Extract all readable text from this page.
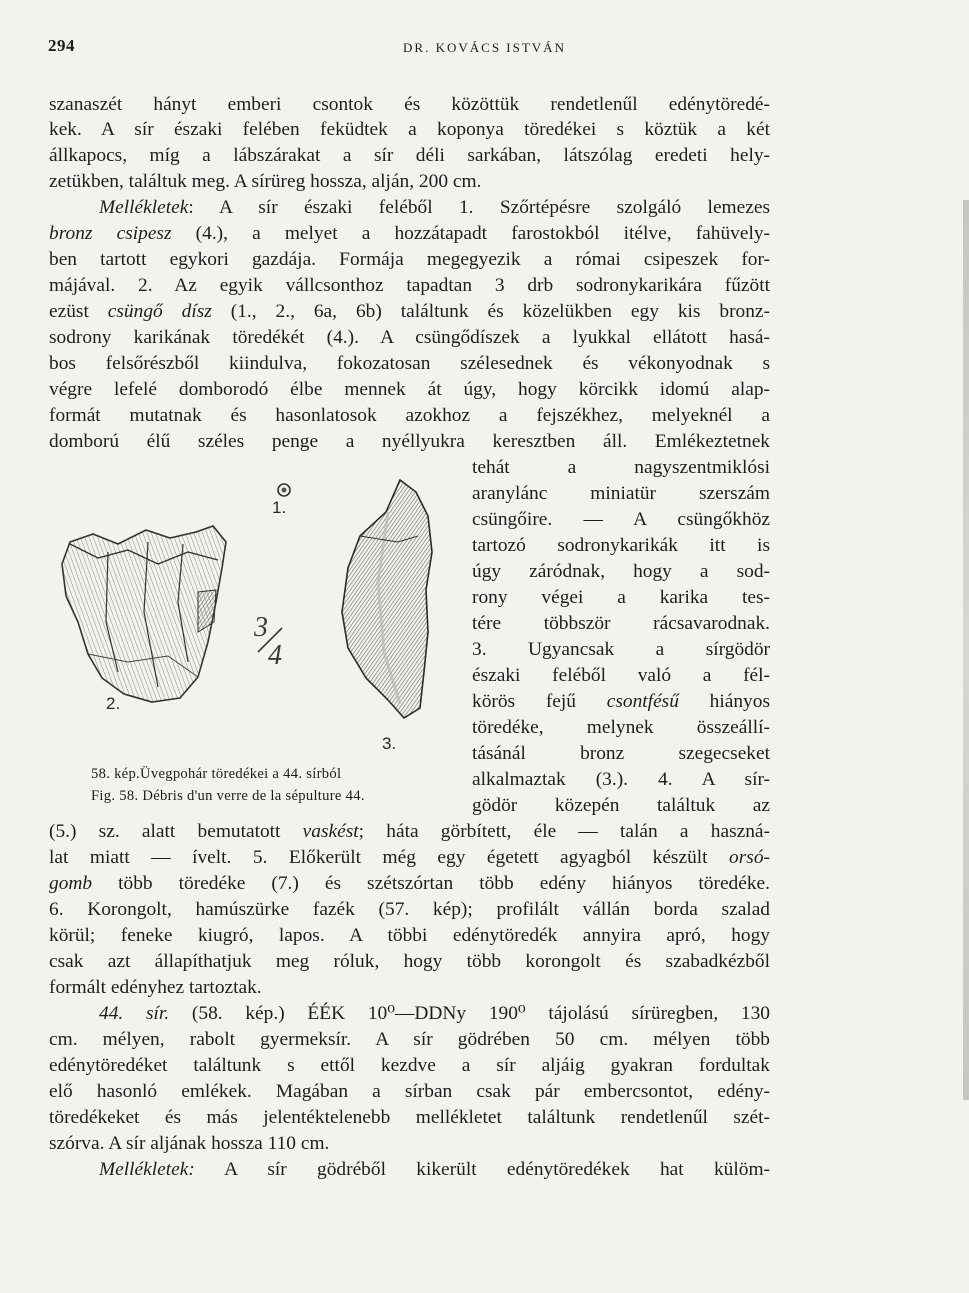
294	DR. KOVÁCS ISTVÁN
szanaszét hányt emberi csontok és közöttük rendetlenűl edénytöredé-
kek. A sír északi felében feküdtek a koponya töredékei s köztük a két
állkapocs, míg a lábszárakat a sír déli sarkában, látszólag eredeti hely-
zetükben, találtuk meg. A sírüreg hossza, alján, 200 cm.
Mellékletek: A sír északi feléből 1. Szőrtépésre szolgáló lemezes
bronz csipesz (4.), a melyet a hozzátapadt farostokból itélve, fahüvely-
ben tartott egykori gazdája. Formája megegyezik a római csipeszek for-
májával. 2. Az egyik vállcsonthoz tapadtan 3 drb sodronykarikára fűzött
ezüst csüngő dísz (1., 2., 6a, 6b) találtunk és közelükben egy kis bronz-
sodrony karikának töredékét (4.). A csüngődíszek a lyukkal ellátott hasá-
bos felsőrészből kiindulva, fokozatosan szélesednek és vékonyodnak s
végre lefelé domborodó élbe mennek át úgy, hogy körcikk idomú alap-
formát mutatnak és hasonlatosok azokhoz a fejszékhez, melyeknél a
domború élű széles penge a nyéllyukra keresztben áll. Emlékeztetnek
tehát a nagyszentmiklósi
aranylánc miniatür szerszám
csüngőire. — A csüngőkhöz
tartozó sodronykarikák itt is
úgy záródnak, hogy a sod-
rony végei a karika tes-
tére többször rácsavarodnak.
3. Ugyancsak a sírgödör
északi feléből való a fél-
körös fejű csontfésű hiányos
töredéke, melynek összeállí-
tásánál bronz szegecseket
alkalmaztak (3.). 4. A sír-
gödör közepén találtuk az
1.
2.
3.
3
4
58. kép.Üvegpohár töredékei a 44. sírból
Fig. 58. Débris d'un verre de la sépulture 44.
(5.) sz. alatt bemutatott vaskést; háta görbített, éle — talán a haszná-
lat miatt — ívelt. 5. Előkerült még egy égetett agyagból készült orsó-
gomb több töredéke (7.) és szétszórtan több edény hiányos töredéke.
6. Korongolt, hamúszürke fazék (57. kép); profilált vállán borda szalad
körül; feneke kiugró, lapos. A többi edénytöredék annyira apró, hogy
csak azt állapíthatjuk meg róluk, hogy több korongolt és szabadkézből
formált edényhez tartoztak.
44. sír. (58. kép.) ÉÉK 10⁰—DDNy 190⁰ tájolású sírüregben, 130
cm. mélyen, rabolt gyermeksír. A sír gödrében 50 cm. mélyen több
edénytöredéket találtunk s ettől kezdve a sír aljáig gyakran fordultak
elő hasonló emlékek. Magában a sírban csak pár embercsontot, edény-
töredékeket és más jelentéktelenebb mellékletet találtunk rendetlenűl szét-
szórva. A sír aljának hossza 110 cm.
Mellékletek: A sír gödréből kikerült edénytöredékek hat külöm-
